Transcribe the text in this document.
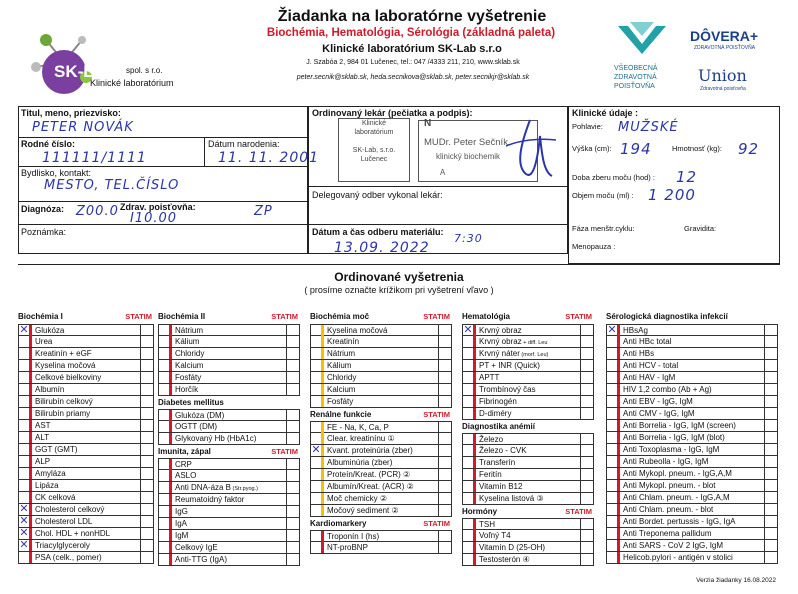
SK-Lab spol. s r.o.
Klinické laboratórium
Žiadanka na laboratórne vyšetrenie
Biochémia, Hematológia, Sérológia (základná paleta)
Klinické laboratórium SK-Lab s.r.o
J. Szabóa 2, 984 01 Lučenec, tel.: 047 /4333 211, 210, www.sklab.sk
peter.secnik@sklab.sk, heda.secnikova@sklab.sk, peter.secnikjr@sklab.sk
VŠEOBECNÁ
ZDRAVOTNÁ
POISŤOVŇA
DÔVERA+
ZDRAVOTNÁ POISŤOVŇA
Union
Zdravotná poisťovňa
Titul, meno, priezvisko:
PETER NOVÁK
Rodné číslo:
111111/1111
Dátum narodenia:
11. 11. 2001
Bydlisko, kontakt:
MESTO, TEL.ČÍSLO
Diagnóza: Z00.0 Zdrav. poisťovňa:
I10.00	ZP
Poznámka:
Ordinovaný lekár (pečiatka a podpis):
Klinické
laboratórium

SK-Lab, s.r.o.
Lučenec
N
MUDr. Peter Sečník
klinický biochemik
A
Delegovaný odber vykonal lekár:
Dátum a čas odberu materiálu:
13.09. 2022
7:30
Klinické údaje :
Pohlavie: MUŽSKÉ
Výška (cm): 194	Hmotnosť (kg): 92
Doba zberu moču (hod) : 12
Objem moču (ml) : 1 200
Fáza menštr.cyklu:	Gravidita:
Menopauza :
Ordinované vyšetrenia
( prosíme označte krížikom pri vyšetrení vľavo )
Biochémia I	STATIM
✕ Glukóza
Urea
Kreatinín + eGF
Kyselina močová
Celkové bielkoviny
Albumín
Bilirubín celkový
Bilirubín priamy
AST
ALT
GGT (GMT)
ALP
Amyláza
Lipáza
CK celková
✕ Cholesterol celkový
✕ Cholesterol LDL
✕ Chol. HDL + nonHDL
✕ Triacylglyceroly
PSA (celk., pomer)
Biochémia II	STATIM
Nátrium
Kálium
Chloridy
Kalcium
Fosfáty
Horčík
Diabetes mellitus
Glukóza (DM)
OGTT (DM)
Glykovaný Hb (HbA1c)
Imunita, zápal	STATIM
CRP
ASLO
Anti DNA-áza B (Str.pyog.)
Reumatoidný faktor
IgG
IgA
IgM
Celkový IgE
Anti-TTG (IgA)
Biochémia moč	STATIM
Kyselina močová
Kreatinín
Nátrium
Kálium
Chloridy
Kalcium
Fosfáty
Renálne funkcie	STATIM
FE - Na, K, Ca, P
Clear. kreatinínu ①
✕ Kvant. proteinúria (zber)
Albuminúria (zber)
Proteín/Kreat. (PCR) ②
Albumín/Kreat. (ACR) ②
Moč chemicky ②
Močový sediment ②
Kardiomarkery	STATIM
Troponín I (hs)
NT-proBNP
Hematológia	STATIM
✕ Krvný obraz
Krvný obraz + diff. Leu
Krvný náter (morf. Leu)
PT + INR (Quick)
APTT
Trombínový čas
Fibrinogén
D-diméry
Diagnostika anémií
Železo
Železo - CVK
Transferín
Feritín
Vitamín B12
Kyselina listová ③
Hormóny	STATIM
TSH
Voľný T4
Vitamín D (25-OH)
Testosterón ④
Sérologická diagnostika infekcií
✕ HBsAg
Anti HBc total
Anti HBs
Anti HCV - total
Anti HAV - IgM
HIV 1,2 combo (Ab + Ag)
Anti EBV - IgG, IgM
Anti CMV - IgG, IgM
Anti Borrelia - IgG, IgM (screen)
Anti Borrelia - IgG, IgM (blot)
Anti Toxoplasma - IgG, IgM
Anti Rubeolla - IgG, IgM
Anti Mykopl. pneum. - IgG,A,M
Anti Mykopl. pneum. - blot
Anti Chlam. pneum. - IgG,A,M
Anti Chlam. pneum. - blot
Anti Bordet. pertussis - IgG, IgA
Anti Treponema pallidum
Anti SARS - CoV 2 IgG, IgM
Helicob.pylori - antigén v stolici
Verzia žiadanky 16.08.2022
